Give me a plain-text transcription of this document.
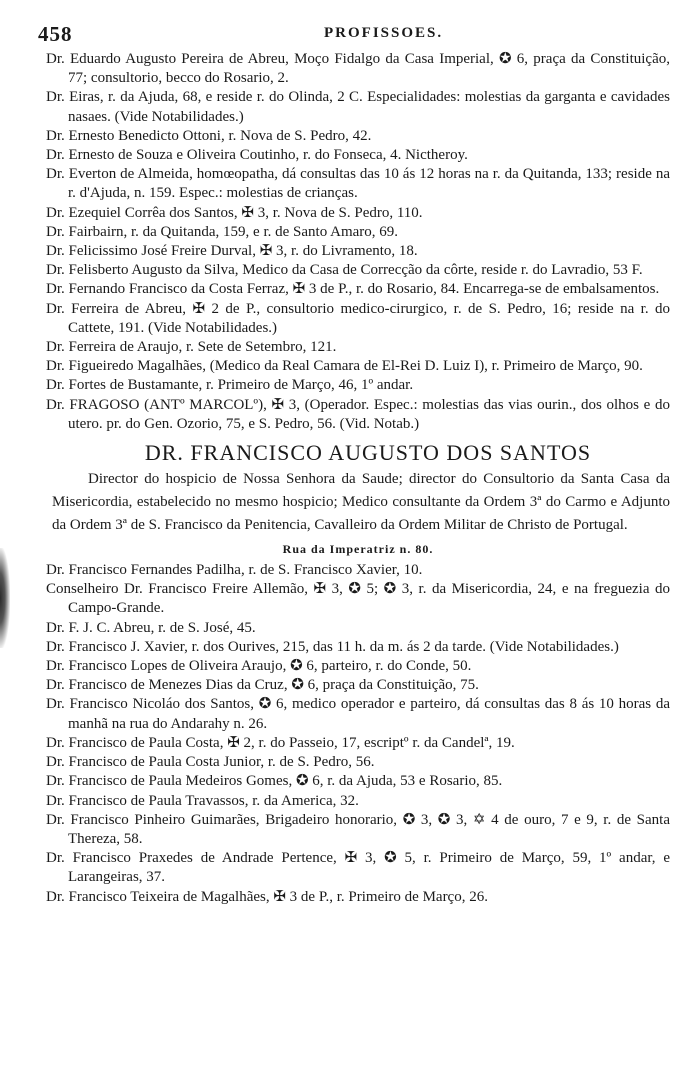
458	PROFISSOES.
Dr. Eduardo Augusto Pereira de Abreu, Moço Fidalgo da Casa Imperial, ✪ 6, praça da Constituição, 77; consultorio, becco do Rosario, 2.
Dr. Eiras, r. da Ajuda, 68, e reside r. do Olinda, 2 C. Especialidades: molestias da garganta e cavidades nasaes. (Vide Notabilidades.)
Dr. Ernesto Benedicto Ottoni, r. Nova de S. Pedro, 42.
Dr. Ernesto de Souza e Oliveira Coutinho, r. do Fonseca, 4. Nictheroy.
Dr. Everton de Almeida, homœopatha, dá consultas das 10 ás 12 horas na r. da Quitanda, 133; reside na r. d'Ajuda, n. 159. Espec.: molestias de crianças.
Dr. Ezequiel Corrêa dos Santos, ✠ 3, r. Nova de S. Pedro, 110.
Dr. Fairbairn, r. da Quitanda, 159, e r. de Santo Amaro, 69.
Dr. Felicissimo José Freire Durval, ✠ 3, r. do Livramento, 18.
Dr. Felisberto Augusto da Silva, Medico da Casa de Correcção da côrte, reside r. do Lavradio, 53 F.
Dr. Fernando Francisco da Costa Ferraz, ✠ 3 de P., r. do Rosario, 84. Encarrega-se de embalsamentos.
Dr. Ferreira de Abreu, ✠ 2 de P., consultorio medico-cirurgico, r. de S. Pedro, 16; reside na r. do Cattete, 191. (Vide Notabilidades.)
Dr. Ferreira de Araujo, r. Sete de Setembro, 121.
Dr. Figueiredo Magalhães, (Medico da Real Camara de El-Rei D. Luiz I), r. Primeiro de Março, 90.
Dr. Fortes de Bustamante, r. Primeiro de Março, 46, 1º andar.
Dr. FRAGOSO (ANTº MARCOLº), ✠ 3, (Operador. Espec.: molestias das vias ourin., dos olhos e do utero. pr. do Gen. Ozorio, 75, e S. Pedro, 56. (Vid. Notab.)
DR. FRANCISCO AUGUSTO DOS SANTOS
Director do hospicio de Nossa Senhora da Saude; director do Consultorio da Santa Casa da Misericordia, estabelecido no mesmo hospicio; Medico consultante da Ordem 3ª do Carmo e Adjunto da Ordem 3ª de S. Francisco da Penitencia, Cavalleiro da Ordem Militar de Christo de Portugal.
Rua da Imperatriz n. 80.
Dr. Francisco Fernandes Padilha, r. de S. Francisco Xavier, 10.
Conselheiro Dr. Francisco Freire Allemão, ✠ 3, ✪ 5; ✪ 3, r. da Misericordia, 24, e na freguezia do Campo-Grande.
Dr. F. J. C. Abreu, r. de S. José, 45.
Dr. Francisco J. Xavier, r. dos Ourives, 215, das 11 h. da m. ás 2 da tarde. (Vide Notabilidades.)
Dr. Francisco Lopes de Oliveira Araujo, ✪ 6, parteiro, r. do Conde, 50.
Dr. Francisco de Menezes Dias da Cruz, ✪ 6, praça da Constituição, 75.
Dr. Francisco Nicoláo dos Santos, ✪ 6, medico operador e parteiro, dá consultas das 8 ás 10 horas da manhã na rua do Andarahy n. 26.
Dr. Francisco de Paula Costa, ✠ 2, r. do Passeio, 17, escriptº r. da Candelª, 19.
Dr. Francisco de Paula Costa Junior, r. de S. Pedro, 56.
Dr. Francisco de Paula Medeiros Gomes, ✪ 6, r. da Ajuda, 53 e Rosario, 85.
Dr. Francisco de Paula Travassos, r. da America, 32.
Dr. Francisco Pinheiro Guimarães, Brigadeiro honorario, ✪ 3, ✪ 3, ✡ 4 de ouro, 7 e 9, r. de Santa Thereza, 58.
Dr. Francisco Praxedes de Andrade Pertence, ✠ 3, ✪ 5, r. Primeiro de Março, 59, 1º andar, e Larangeiras, 37.
Dr. Francisco Teixeira de Magalhães, ✠ 3 de P., r. Primeiro de Março, 26.
